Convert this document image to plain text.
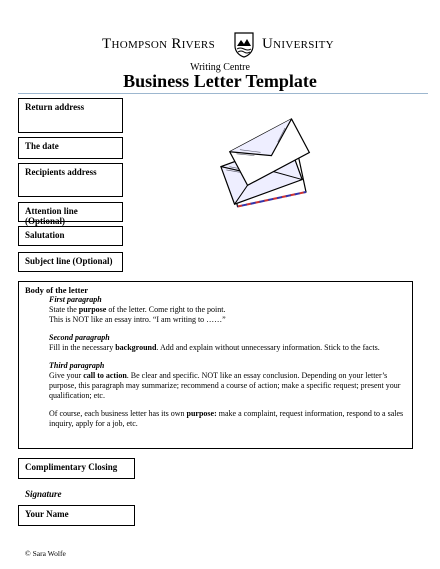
Thompson Rivers	University
Writing Centre
Business Letter Template
Return address
The date
Recipients address
Attention line (Optional)
Salutation
Subject line (Optional)
Body of the letter

First paragraph

State the purpose of the letter. Come right to the point.
This is NOT like an essay intro. “I am writing to ……”

Second paragraph

Fill in the necessary background. Add and explain without unnecessary information. Stick to the facts.

Third paragraph

Give your call to action. Be clear and specific. NOT like an essay conclusion. Depending on your letter’s purpose, this paragraph may summarize; recommend a course of action; make a specific request; present your qualification; etc.

Of course, each business letter has its own purpose: make a complaint, request information, respond to a sales inquiry, apply for a job, etc.

Complimentary Closing
Signature
Your Name
© Sara Wolfe
